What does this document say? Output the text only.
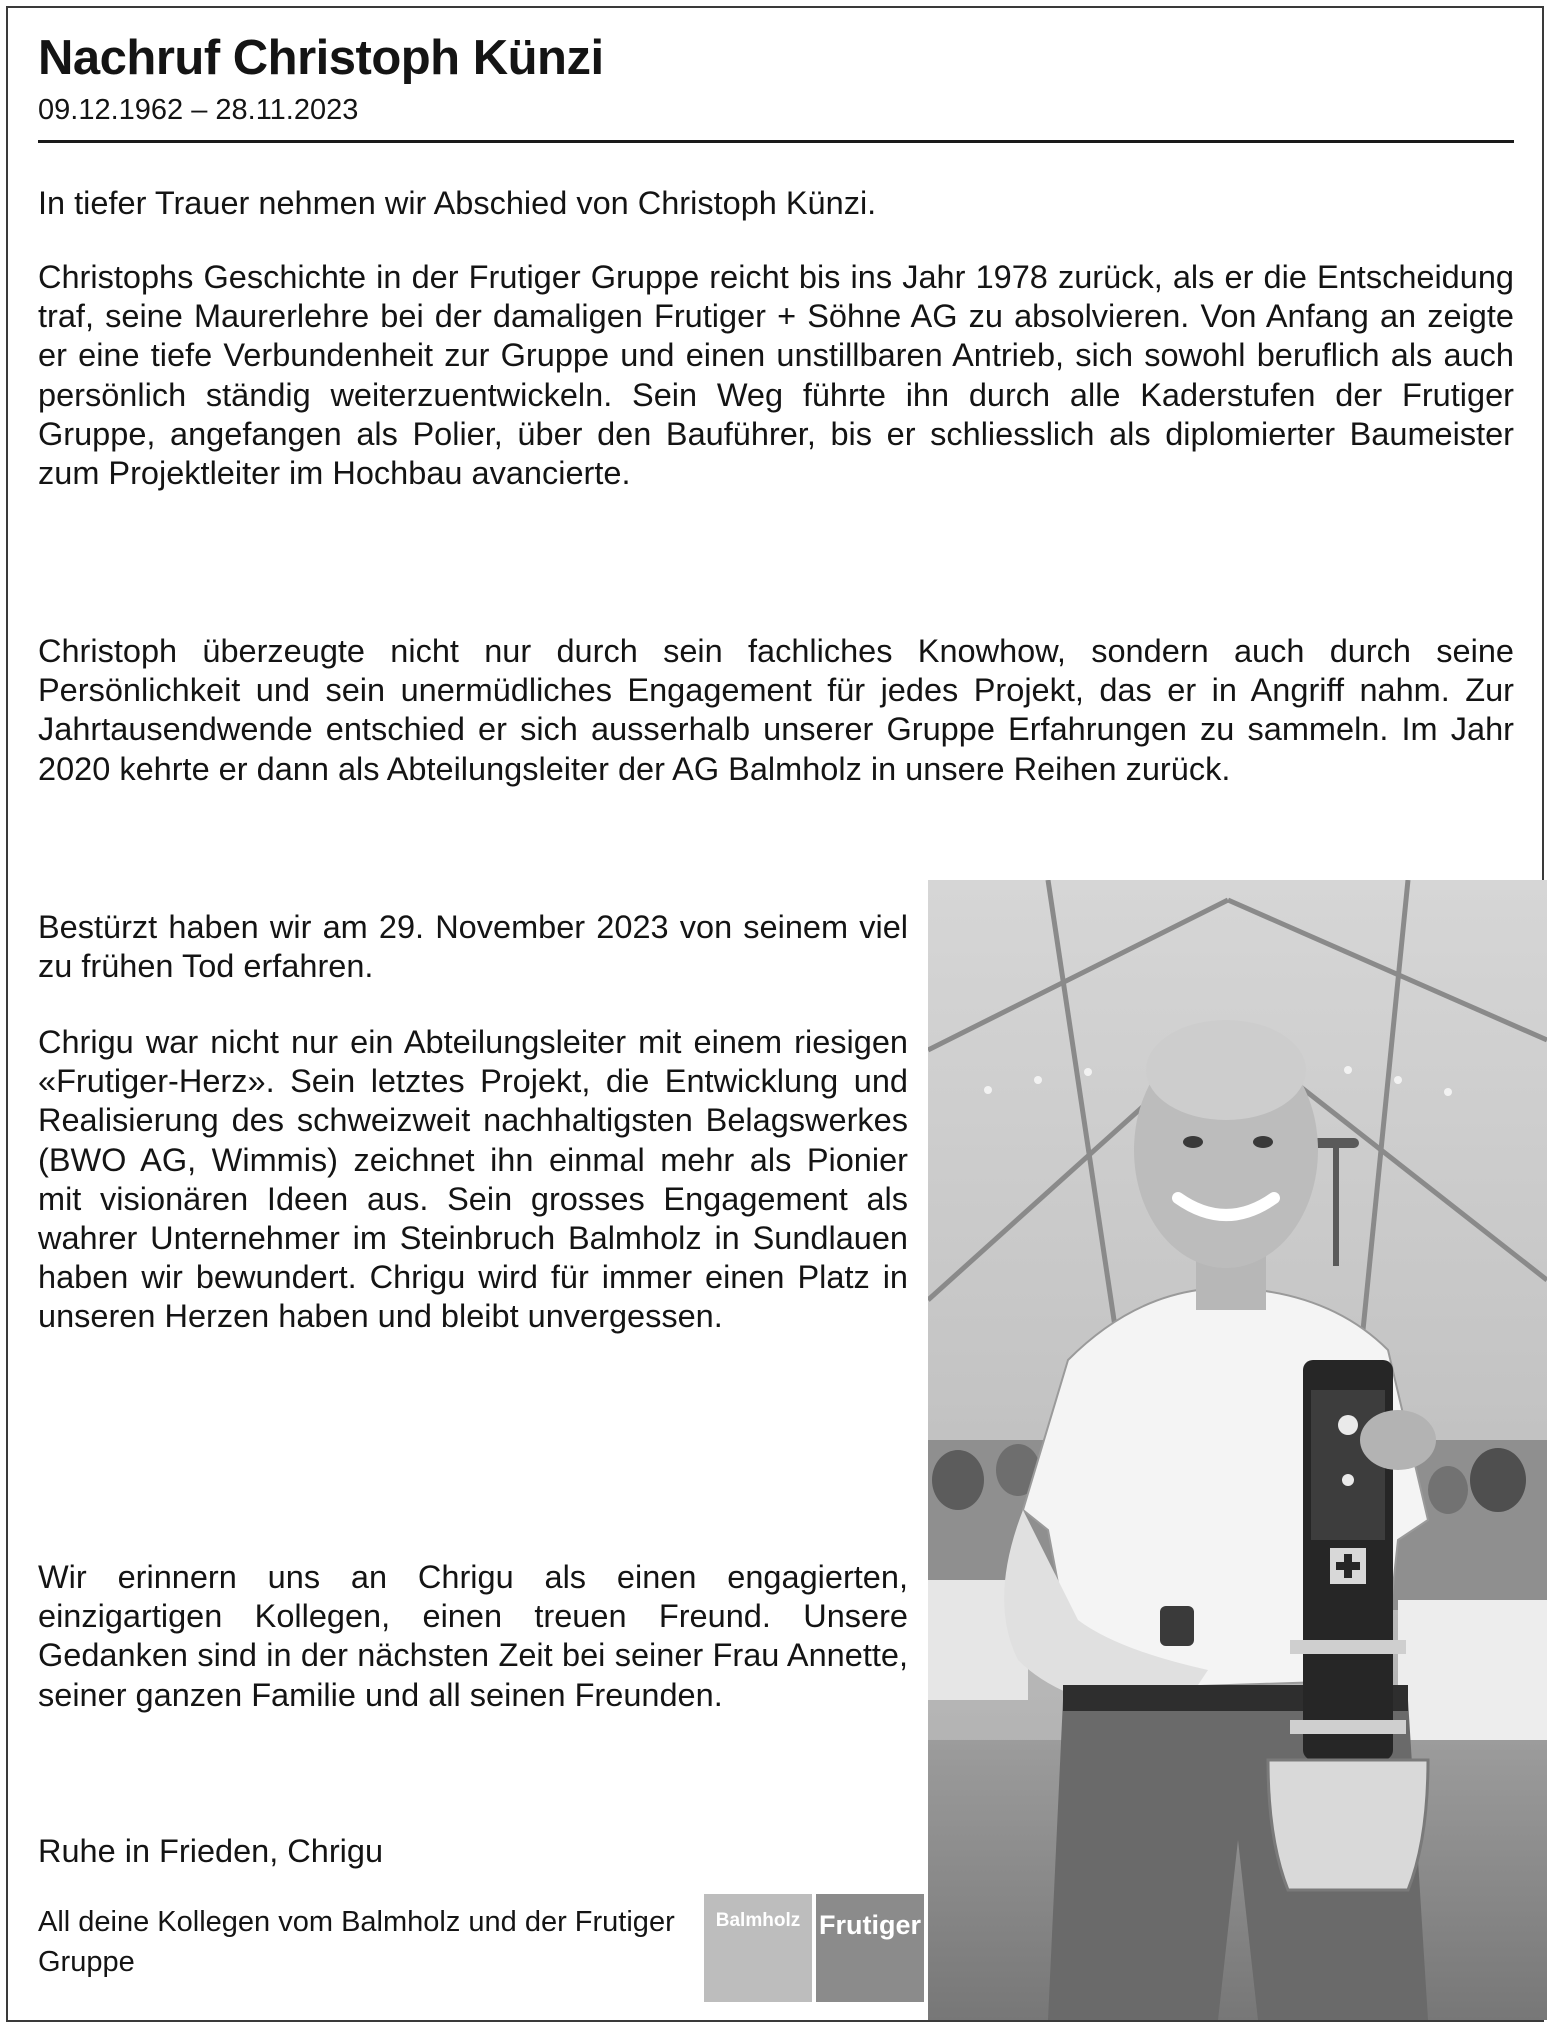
Nachruf Christoph Künzi

09.12.1962 – 28.11.2023

In tiefer Trauer nehmen wir Abschied von Christoph Künzi.

Christophs Geschichte in der Frutiger Gruppe reicht bis ins Jahr 1978 zurück, als er die Entscheidung traf, seine Maurerlehre bei der damaligen Frutiger + Söhne AG zu absolvieren. Von Anfang an zeigte er eine tiefe Verbundenheit zur Gruppe und einen unstillbaren Antrieb, sich sowohl beruflich als auch persönlich ständig weiterzuentwickeln. Sein Weg führte ihn durch alle Kaderstufen der Frutiger Gruppe, angefangen als Polier, über den Bauführer, bis er schliesslich als diplomierter Baumeister zum Projektleiter im Hochbau avancierte.

Christoph überzeugte nicht nur durch sein fachliches Knowhow, sondern auch durch seine Persönlichkeit und sein unermüdliches Engagement für jedes Projekt, das er in Angriff nahm. Zur Jahrtausendwende entschied er sich ausserhalb unserer Gruppe Erfahrungen zu sammeln. Im Jahr 2020 kehrte er dann als Abteilungsleiter der AG Balmholz in unsere Reihen zurück.

Bestürzt haben wir am 29. November 2023 von seinem viel zu frühen Tod erfahren.

Chrigu war nicht nur ein Abteilungsleiter mit einem riesigen «Frutiger-Herz». Sein letztes Projekt, die Entwicklung und Realisierung des schweizweit nachhaltigsten Belagswerkes (BWO AG, Wimmis) zeichnet ihn einmal mehr als Pionier mit visionären Ideen aus. Sein grosses Engagement als wahrer Unternehmer im Steinbruch Balmholz in Sundlauen haben wir bewundert. Chrigu wird für immer einen Platz in unseren Herzen haben und bleibt unvergessen.

Wir erinnern uns an Chrigu als einen engagierten, einzigartigen Kollegen, einen treuen Freund. Unsere Gedanken sind in der nächsten Zeit bei seiner Frau Annette, seiner ganzen Familie und all seinen Freunden.

Ruhe in Frieden, Chrigu

All deine Kollegen vom Balmholz und der Frutiger Gruppe

Balmholz Frutiger
